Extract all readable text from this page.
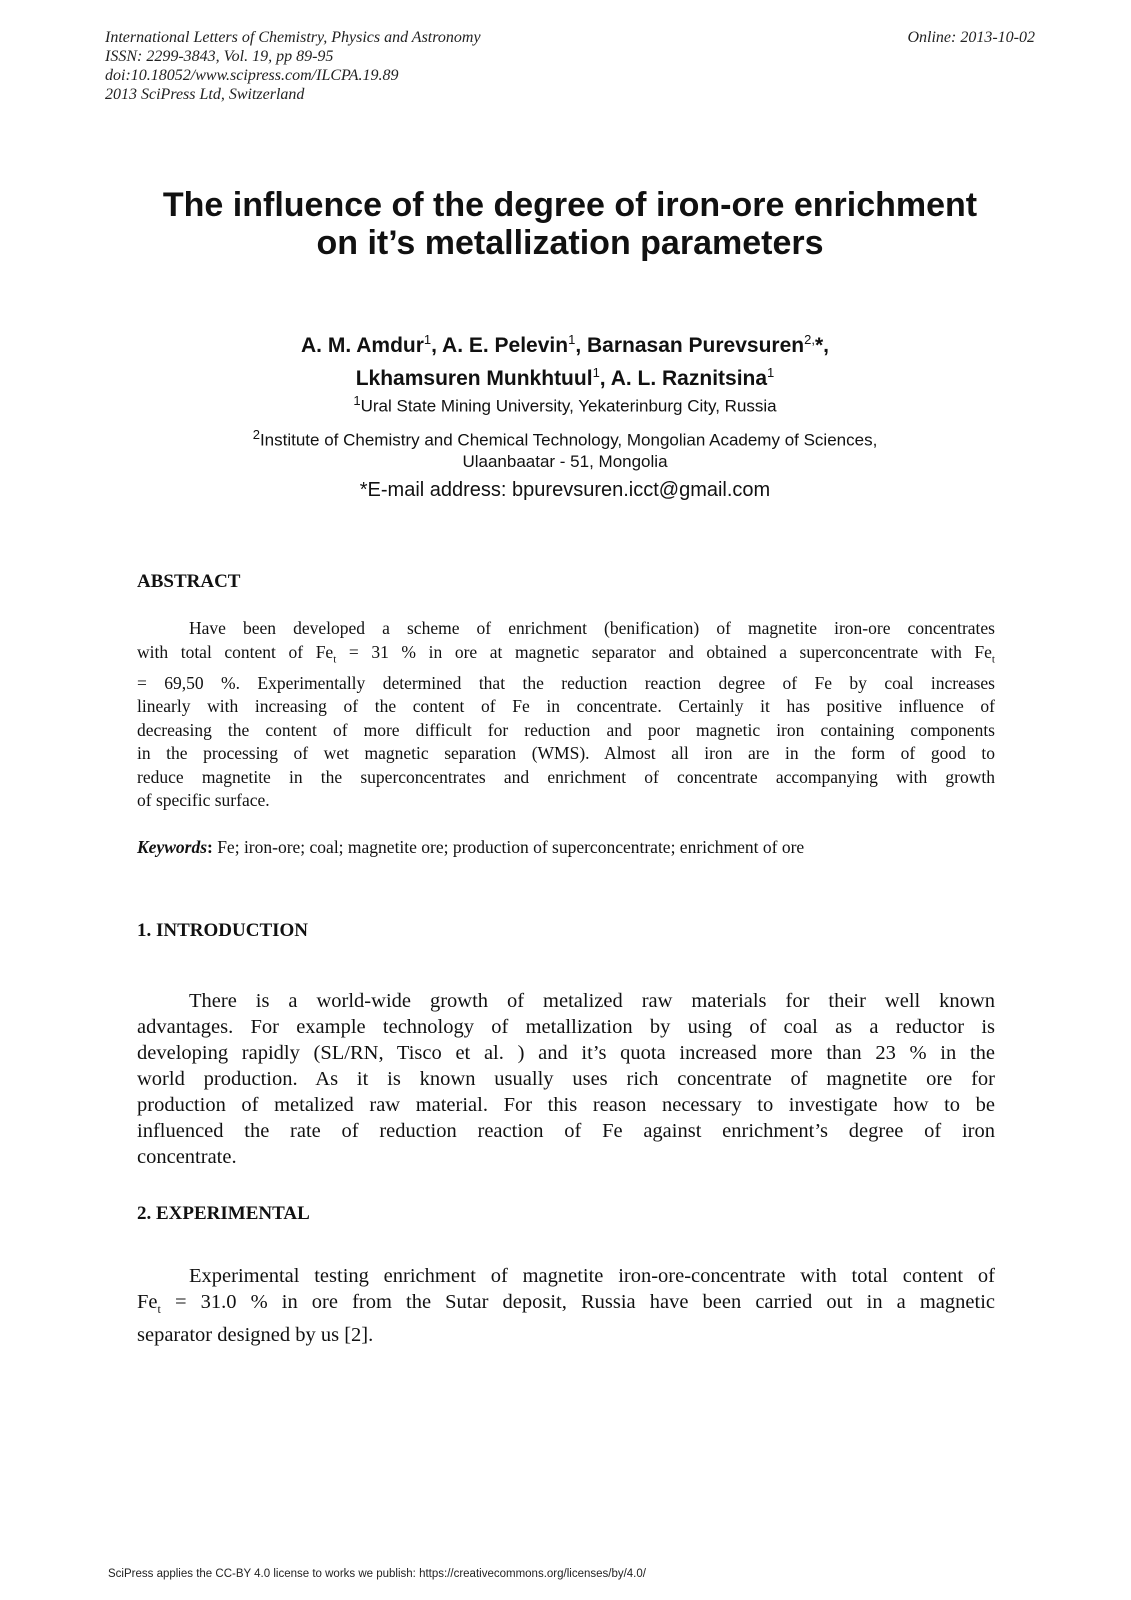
International Letters of Chemistry, Physics and Astronomy
ISSN: 2299-3843, Vol. 19, pp 89-95
doi:10.18052/www.scipress.com/ILCPA.19.89
2013 SciPress Ltd, Switzerland
Online: 2013-10-02
The influence of the degree of iron-ore enrichment
on it’s metallization parameters
A. M. Amdur$^1$, A. E. Pelevin$^1$, Barnasan Purevsuren$^{2,}$*,
Lkhamsuren Munkhtuul$^1$, A. L. Raznitsina$^1$
$^1$Ural State Mining University, Yekaterinburg City, Russia
$^2$Institute of Chemistry and Chemical Technology, Mongolian Academy of Sciences,
Ulaanbaatar - 51, Mongolia
*E-mail address: bpurevsuren.icct@gmail.com
ABSTRACT
Have been developed a scheme of enrichment (benification) of magnetite iron-ore concentrates
with total content of $Fe_t = 31$ % in ore at magnetic separator and obtained a superconcentrate with $Fe_t$
= 69,50 %. Experimentally determined that the reduction reaction degree of Fe by coal increases
linearly with increasing of the content of Fe in concentrate. Certainly it has positive influence of
decreasing the content of more difficult for reduction and poor magnetic iron containing components
in the processing of wet magnetic separation (WMS). Almost all iron are in the form of good to
reduce magnetite in the superconcentrates and enrichment of concentrate accompanying with growth
of specific surface.
Keywords: Fe; iron-ore; coal; magnetite ore; production of superconcentrate; enrichment of ore
1. INTRODUCTION
There is a world-wide growth of metalized raw materials for their well known
advantages. For example technology of metallization by using of coal as a reductor is
developing rapidly (SL/RN, Tisco et al. ) and it’s quota increased more than 23 % in the
world production. As it is known usually uses rich concentrate of magnetite ore for
production of metalized raw material. For this reason necessary to investigate how to be
influenced the rate of reduction reaction of Fe against enrichment’s degree of iron
concentrate.
2. EXPERIMENTAL
Experimental testing enrichment of magnetite iron-ore-concentrate with total content of
$Fe_t = 31.0$ % in ore from the Sutar deposit, Russia have been carried out in a magnetic
separator designed by us [2].
SciPress applies the CC-BY 4.0 license to works we publish: https://creativecommons.org/licenses/by/4.0/
